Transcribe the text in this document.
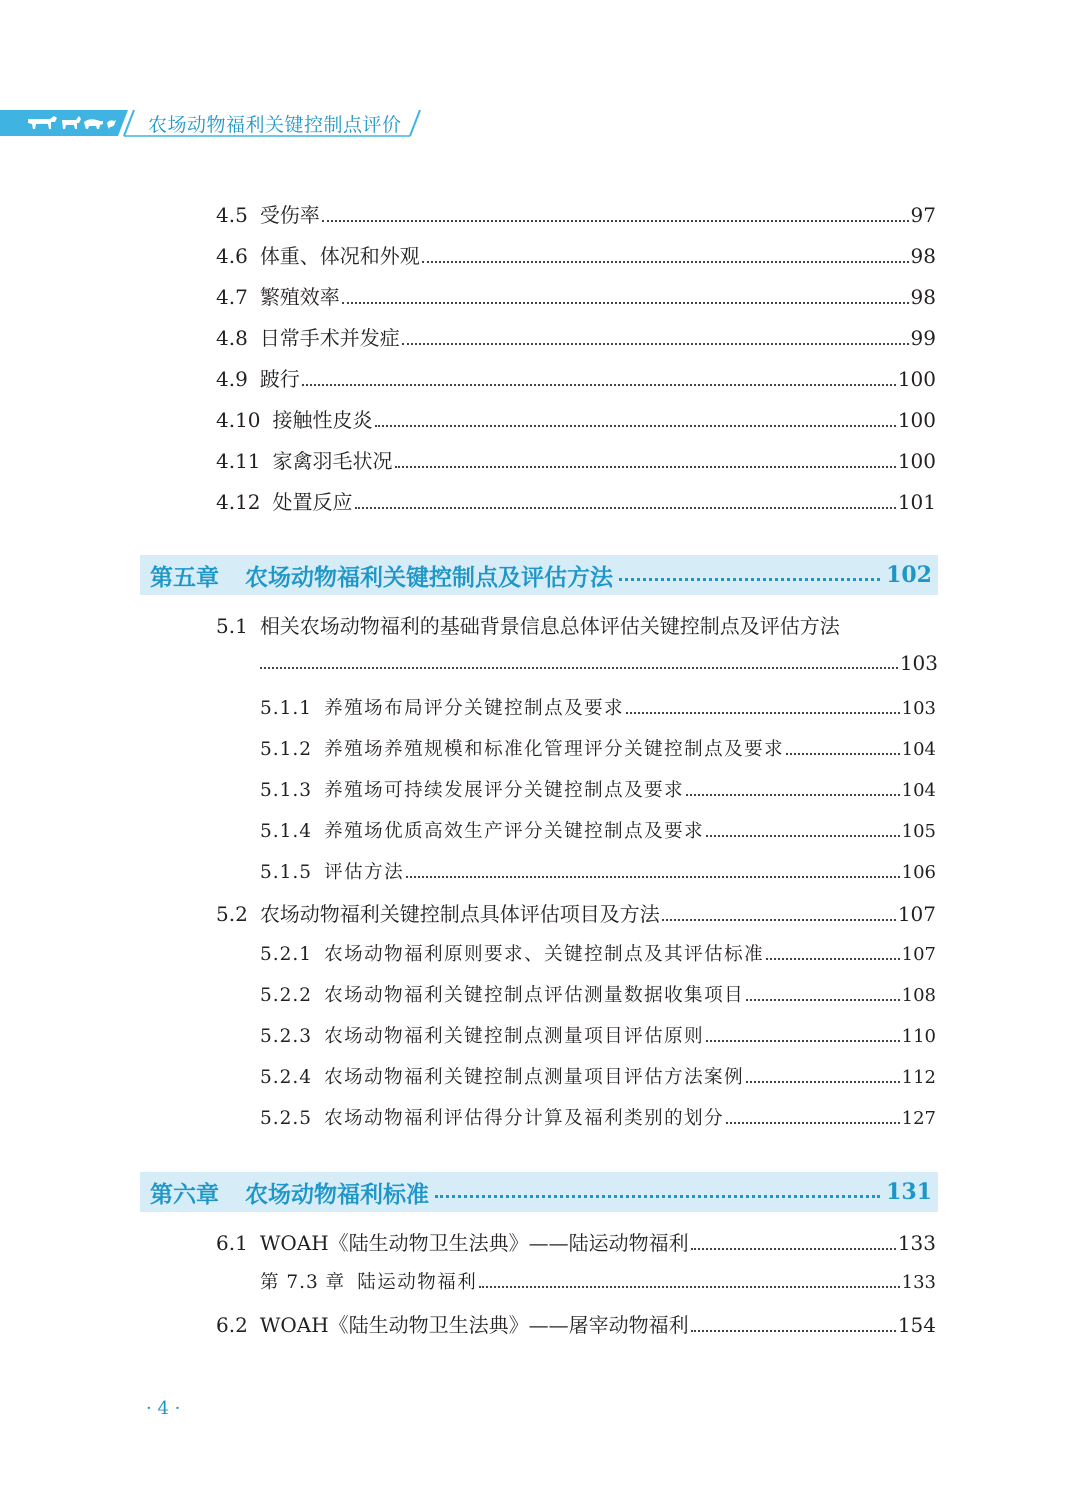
农场动物福利关键控制点评价
4.5 受伤率	97
4.6 体重、体况和外观	98
4.7 繁殖效率	98
4.8 日常手术并发症	99
4.9 跛行	100
4.10 接触性皮炎	100
4.11 家禽羽毛状况	100
4.12 处置反应	101
第五章 农场动物福利关键控制点及评估方法	102
5.1 相关农场动物福利的基础背景信息总体评估关键控制点及评估方法
103
5.1.1 养殖场布局评分关键控制点及要求	103
5.1.2 养殖场养殖规模和标准化管理评分关键控制点及要求	104
5.1.3 养殖场可持续发展评分关键控制点及要求	104
5.1.4 养殖场优质高效生产评分关键控制点及要求	105
5.1.5 评估方法	106
5.2 农场动物福利关键控制点具体评估项目及方法	107
5.2.1 农场动物福利原则要求、关键控制点及其评估标准	107
5.2.2 农场动物福利关键控制点评估测量数据收集项目	108
5.2.3 农场动物福利关键控制点测量项目评估原则	110
5.2.4 农场动物福利关键控制点测量项目评估方法案例	112
5.2.5 农场动物福利评估得分计算及福利类别的划分	127
第六章 农场动物福利标准	131
6.1 WOAH《陆生动物卫生法典》——陆运动物福利	133
第 7.3 章 陆运动物福利	133
6.2 WOAH《陆生动物卫生法典》——屠宰动物福利	154
· 4 ·
